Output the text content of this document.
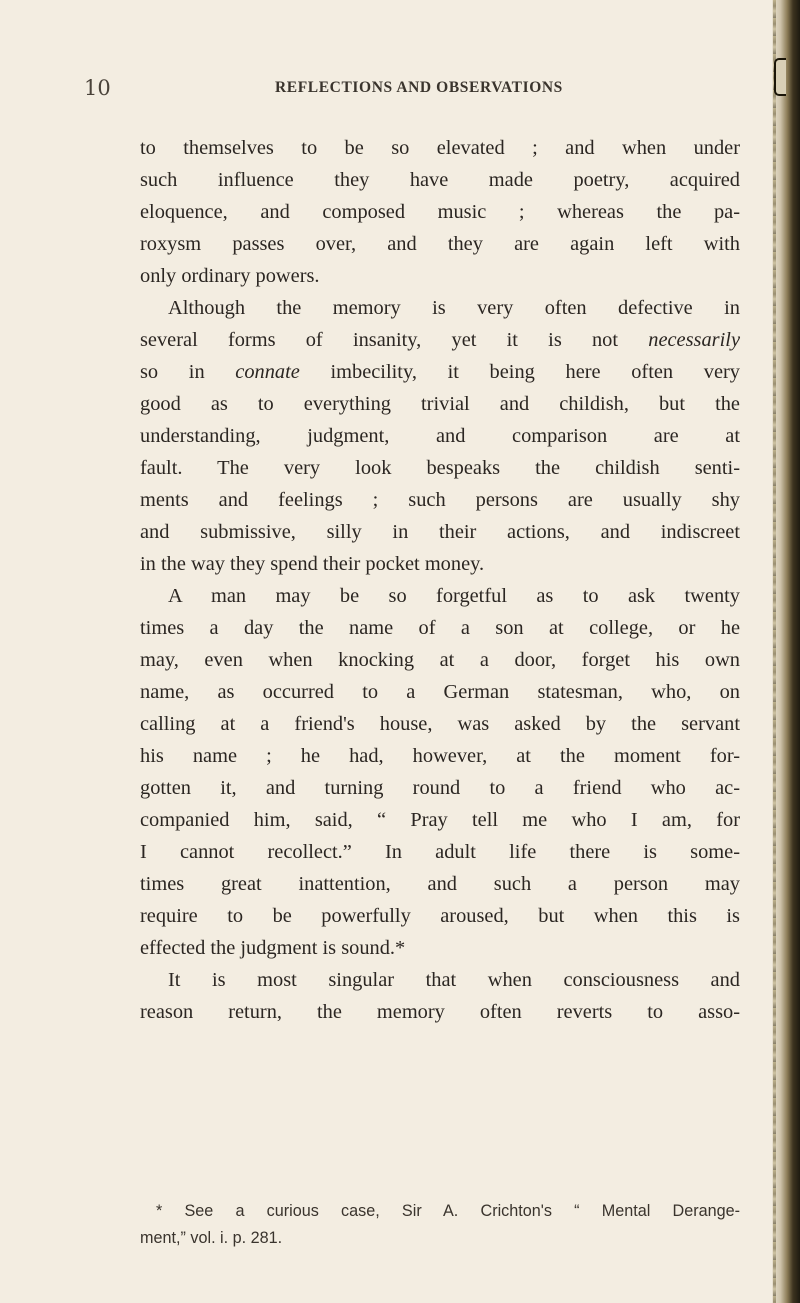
10	REFLECTIONS AND OBSERVATIONS
to themselves to be so elevated ; and when under
such influence they have made poetry, acquired
eloquence, and composed music ; whereas the pa-
roxysm passes over, and they are again left with
only ordinary powers.
Although the memory is very often defective in
several forms of insanity, yet it is not necessarily
so in connate imbecility, it being here often very
good as to everything trivial and childish, but the
understanding, judgment, and comparison are at
fault. The very look bespeaks the childish senti-
ments and feelings ; such persons are usually shy
and submissive, silly in their actions, and indiscreet
in the way they spend their pocket money.
A man may be so forgetful as to ask twenty
times a day the name of a son at college, or he
may, even when knocking at a door, forget his own
name, as occurred to a German statesman, who, on
calling at a friend's house, was asked by the servant
his name ; he had, however, at the moment for-
gotten it, and turning round to a friend who ac-
companied him, said, “ Pray tell me who I am, for
I cannot recollect.” In adult life there is some-
times great inattention, and such a person may
require to be powerfully aroused, but when this is
effected the judgment is sound.*
It is most singular that when consciousness and
reason return, the memory often reverts to asso-
* See a curious case, Sir A. Crichton's “ Mental Derange-
ment,” vol. i. p. 281.
